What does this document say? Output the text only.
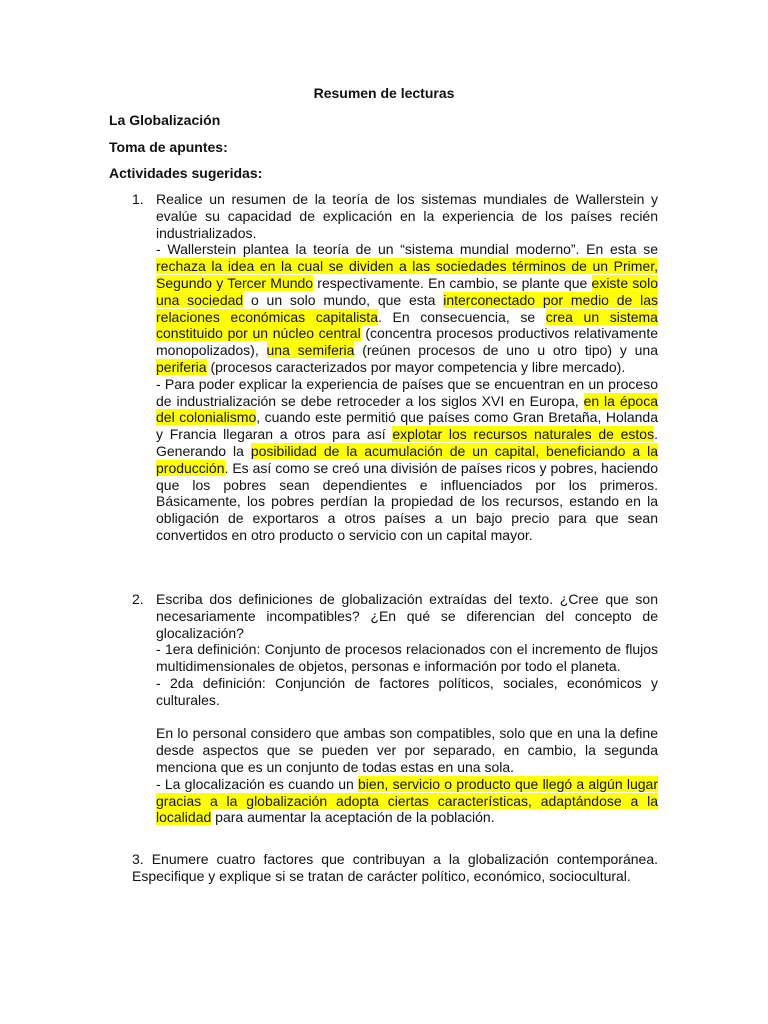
Resumen de lecturas
La Globalización
Toma de apuntes:
Actividades sugeridas:
1. Realice un resumen de la teoría de los sistemas mundiales de Wallerstein y evalúe su capacidad de explicación en la experiencia de los países recién industrializados.

- Wallerstein plantea la teoría de un “sistema mundial moderno”. En esta se rechaza la idea en la cual se dividen a las sociedades términos de un Primer, Segundo y Tercer Mundo respectivamente. En cambio, se plante que existe solo una sociedad o un solo mundo, que esta interconectado por medio de las relaciones económicas capitalista. En consecuencia, se crea un sistema constituido por un núcleo central (concentra procesos productivos relativamente monopolizados), una semiferia (reúnen procesos de uno u otro tipo) y una periferia (procesos caracterizados por mayor competencia y libre mercado).

- Para poder explicar la experiencia de países que se encuentran en un proceso de industrialización se debe retroceder a los siglos XVI en Europa, en la época del colonialismo, cuando este permitió que países como Gran Bretaña, Holanda y Francia llegaran a otros para así explotar los recursos naturales de estos. Generando la posibilidad de la acumulación de un capital, beneficiando a la producción. Es así como se creó una división de países ricos y pobres, haciendo que los pobres sean dependientes e influenciados por los primeros. Básicamente, los pobres perdían la propiedad de los recursos, estando en la obligación de exportaros a otros países a un bajo precio para que sean convertidos en otro producto o servicio con un capital mayor.

2. Escriba dos definiciones de globalización extraídas del texto. ¿Cree que son necesariamente incompatibles? ¿En qué se diferencian del concepto de glocalización?

- 1era definición: Conjunto de procesos relacionados con el incremento de flujos multidimensionales de objetos, personas e información por todo el planeta.

- 2da definición: Conjunción de factores políticos, sociales, económicos y culturales.

En lo personal considero que ambas son compatibles, solo que en una la define desde aspectos que se pueden ver por separado, en cambio, la segunda menciona que es un conjunto de todas estas en una sola.

- La glocalización es cuando un bien, servicio o producto que llegó a algún lugar gracias a la globalización adopta ciertas características, adaptándose a la localidad para aumentar la aceptación de la población.

3. Enumere cuatro factores que contribuyan a la globalización contemporánea. Especifique y explique si se tratan de carácter político, económico, sociocultural.
